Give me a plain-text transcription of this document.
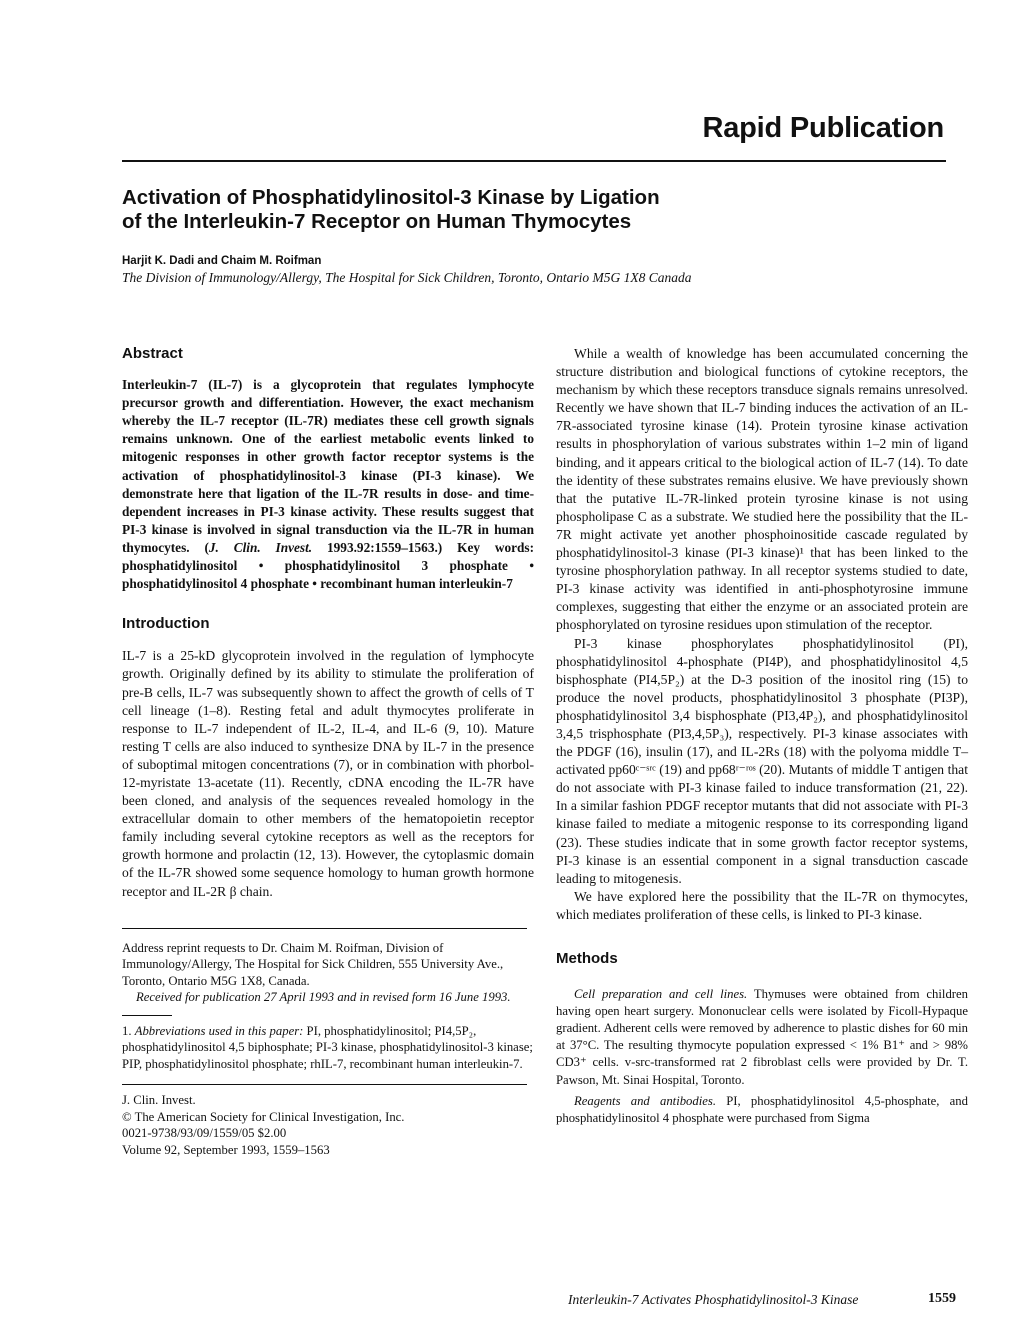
Rapid Publication
Activation of Phosphatidylinositol-3 Kinase by Ligation
of the Interleukin-7 Receptor on Human Thymocytes
Harjit K. Dadi and Chaim M. Roifman
The Division of Immunology/Allergy, The Hospital for Sick Children, Toronto, Ontario M5G 1X8 Canada
Abstract

Interleukin-7 (IL-7) is a glycoprotein that regulates lymphocyte precursor growth and differentiation. However, the exact mechanism whereby the IL-7 receptor (IL-7R) mediates these cell growth signals remains unknown. One of the earliest metabolic events linked to mitogenic responses in other growth factor receptor systems is the activation of phosphatidylinositol-3 kinase (PI-3 kinase). We demonstrate here that ligation of the IL-7R results in dose- and time-dependent increases in PI-3 kinase activity. These results suggest that PI-3 kinase is involved in signal transduction via the IL-7R in human thymocytes. (J. Clin. Invest. 1993.92:1559–1563.) Key words: phosphatidylinositol • phosphatidylinositol 3 phosphate • phosphatidylinositol 4 phosphate • recombinant human interleukin-7

Introduction

IL-7 is a 25-kD glycoprotein involved in the regulation of lymphocyte growth. Originally defined by its ability to stimulate the proliferation of pre-B cells, IL-7 was subsequently shown to affect the growth of cells of T cell lineage (1–8). Resting fetal and adult thymocytes proliferate in response to IL-7 independent of IL-2, IL-4, and IL-6 (9, 10). Mature resting T cells are also induced to synthesize DNA by IL-7 in the presence of suboptimal mitogen concentrations (7), or in combination with phorbol-12-myristate 13-acetate (11). Recently, cDNA encoding the IL-7R have been cloned, and analysis of the sequences revealed homology in the extracellular domain to other members of the hematopoietin receptor family including several cytokine receptors as well as the receptors for growth hormone and prolactin (12, 13). However, the cytoplasmic domain of the IL-7R showed some sequence homology to human growth hormone receptor and IL-2R β chain.

Address reprint requests to Dr. Chaim M. Roifman, Division of Immunology/Allergy, The Hospital for Sick Children, 555 University Ave., Toronto, Ontario M5G 1X8, Canada.

Received for publication 27 April 1993 and in revised form 16 June 1993.

1. Abbreviations used in this paper: PI, phosphatidylinositol; PI4,5P₂, phosphatidylinositol 4,5 biphosphate; PI-3 kinase, phosphatidylinositol-3 kinase; PIP, phosphatidylinositol phosphate; rhIL-7, recombinant human interleukin-7.

J. Clin. Invest.
© The American Society for Clinical Investigation, Inc.
0021-9738/93/09/1559/05 $2.00
Volume 92, September 1993, 1559–1563

While a wealth of knowledge has been accumulated concerning the structure distribution and biological functions of cytokine receptors, the mechanism by which these receptors transduce signals remains unresolved. Recently we have shown that IL-7 binding induces the activation of an IL-7R-associated tyrosine kinase (14). Protein tyrosine kinase activation results in phosphorylation of various substrates within 1–2 min of ligand binding, and it appears critical to the biological action of IL-7 (14). To date the identity of these substrates remains elusive. We have previously shown that the putative IL-7R-linked protein tyrosine kinase is not using phospholipase C as a substrate. We studied here the possibility that the IL-7R might activate yet another phosphoinositide cascade regulated by phosphatidylinositol-3 kinase (PI-3 kinase)¹ that has been linked to the tyrosine phosphorylation pathway. In all receptor systems studied to date, PI-3 kinase activity was identified in anti-phosphotyrosine immune complexes, suggesting that either the enzyme or an associated protein are phosphorylated on tyrosine residues upon stimulation of the receptor.

PI-3 kinase phosphorylates phosphatidylinositol (PI), phosphatidylinositol 4-phosphate (PI4P), and phosphatidylinositol 4,5 bisphosphate (PI4,5P₂) at the D-3 position of the inositol ring (15) to produce the novel products, phosphatidylinositol 3 phosphate (PI3P), phosphatidylinositol 3,4 bisphosphate (PI3,4P₂), and phosphatidylinositol 3,4,5 trisphosphate (PI3,4,5P₃), respectively. PI-3 kinase associates with the PDGF (16), insulin (17), and IL-2Rs (18) with the polyoma middle T–activated pp60ᶜ⁻ˢʳᶜ (19) and pp68ʳ⁻ʳᵒˢ (20). Mutants of middle T antigen that do not associate with PI-3 kinase failed to induce transformation (21, 22). In a similar fashion PDGF receptor mutants that did not associate with PI-3 kinase failed to mediate a mitogenic response to its corresponding ligand (23). These studies indicate that in some growth factor receptor systems, PI-3 kinase is an essential component in a signal transduction cascade leading to mitogenesis.

We have explored here the possibility that the IL-7R on thymocytes, which mediates proliferation of these cells, is linked to PI-3 kinase.

Methods

Cell preparation and cell lines. Thymuses were obtained from children having open heart surgery. Mononuclear cells were isolated by Ficoll-Hypaque gradient. Adherent cells were removed by adherence to plastic dishes for 60 min at 37°C. The resulting thymocyte population expressed < 1% B1⁺ and > 98% CD3⁺ cells. v-src-transformed rat 2 fibroblast cells were provided by Dr. T. Pawson, Mt. Sinai Hospital, Toronto.

Reagents and antibodies. PI, phosphatidylinositol 4,5-phosphate, and phosphatidylinositol 4 phosphate were purchased from Sigma

Interleukin-7 Activates Phosphatidylinositol-3 Kinase	1559
